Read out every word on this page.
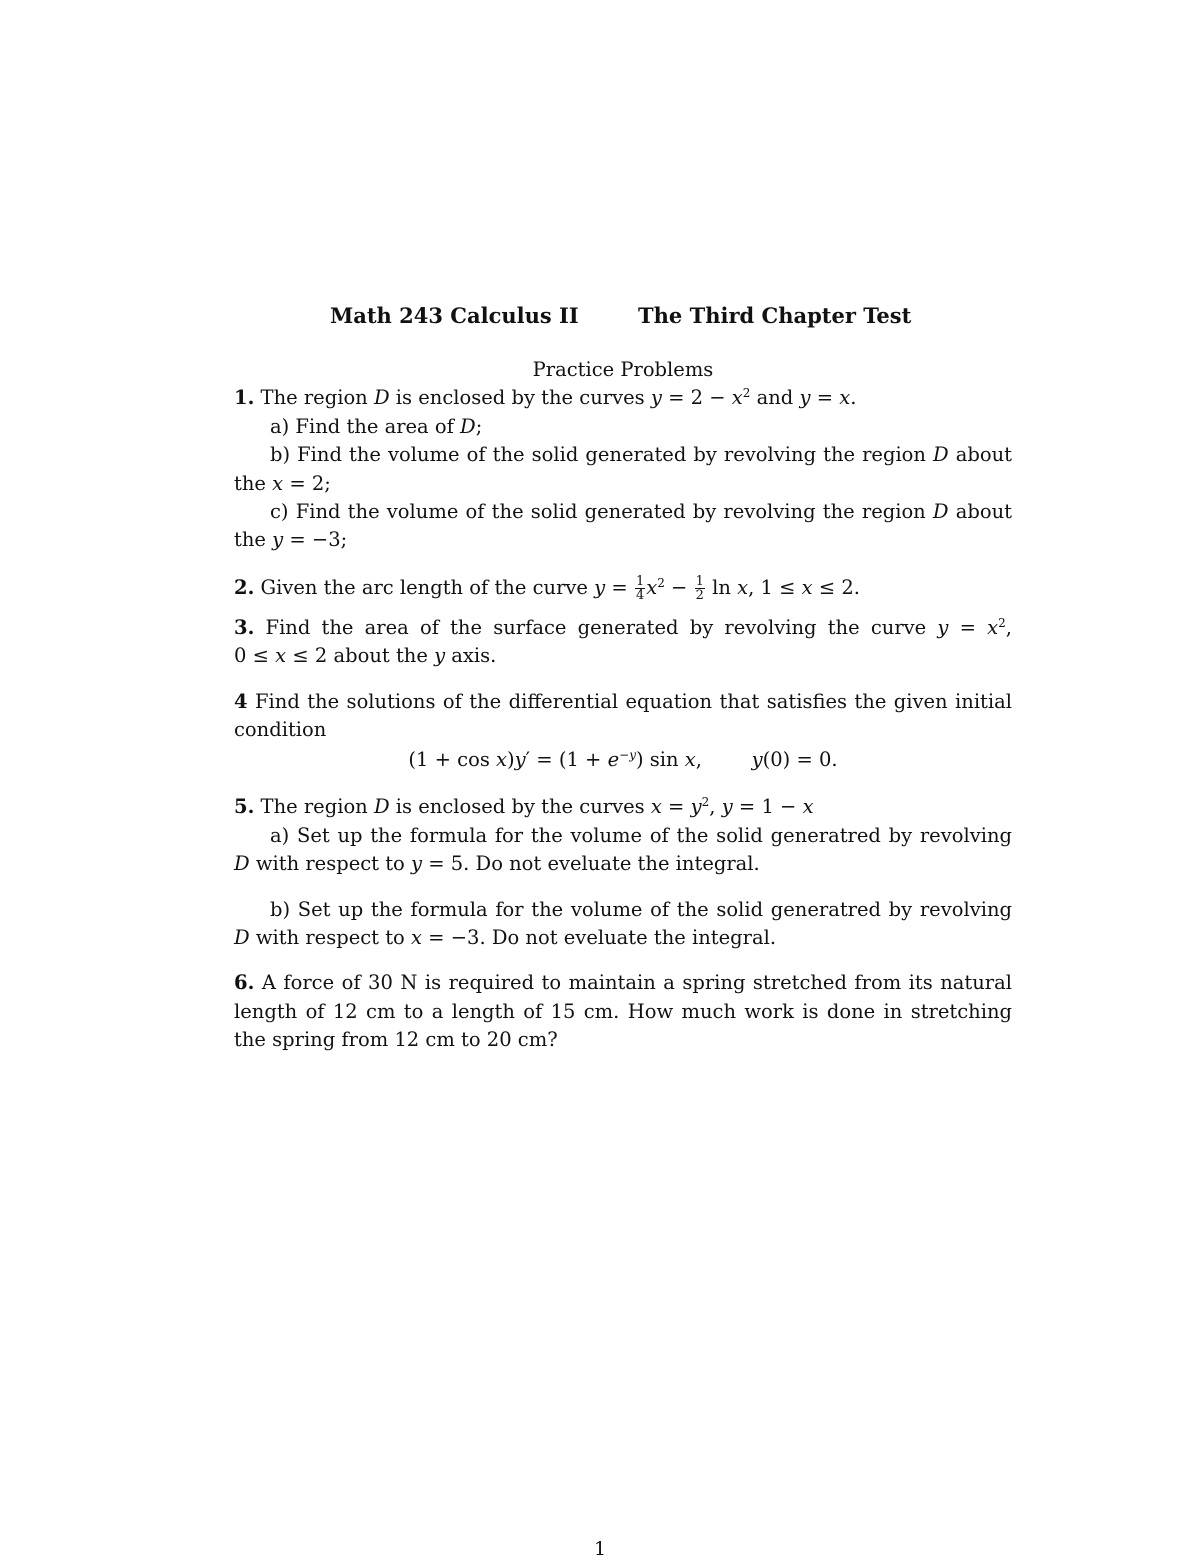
Math 243 Calculus II	The Third Chapter Test
Practice Problems
1. The region D is enclosed by the curves $y = 2 - x^2$ and y = x.
a) Find the area of D;
b) Find the volume of the solid generated by revolving the region D about
the x = 2;
c) Find the volume of the solid generated by revolving the region D about
the y = −3;
2. Given the arc length of the curve $y = \frac{1}{4} x^2 - \frac{1}{2}$ ln x, 1 ≤ x ≤ 2.
3. Find the area of the surface generated by revolving the curve $y = x^2$,
0 ≤ x ≤ 2 about the y axis.
4 Find the solutions of the differential equation that satisfies the given initial
condition
$(1 + \cos x)y' = (1 + e^{-y})$ sin x,        y(0) = 0.
5. The region D is enclosed by the curves $x = y^2$, y = 1 − x
a) Set up the formula for the volume of the solid generatred by revolving
D with respect to y = 5. Do not eveluate the integral.
b) Set up the formula for the volume of the solid generatred by revolving
D with respect to x = −3. Do not eveluate the integral.
6. A force of 30 N is required to maintain a spring stretched from its natural
length of 12 cm to a length of 15 cm. How much work is done in stretching
the spring from 12 cm to 20 cm?
1
